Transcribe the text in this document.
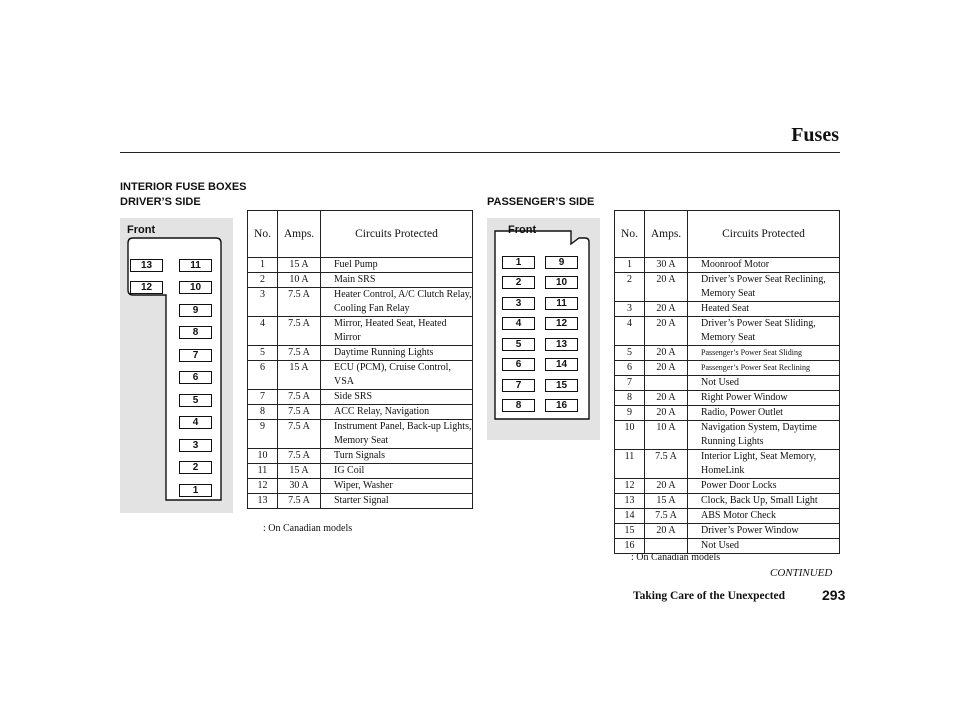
Fuses
INTERIOR FUSE BOXES
DRIVER’S SIDE	PASSENGER’S SIDE
Front
13	11
12	10
9
8
7
6
5
4
3
2
1
No.	Amps.	Circuits Protected
1	15 A	Fuel Pump
2	10 A	Main SRS
3	7.5 A	Heater Control, A/C Clutch Relay, Cooling Fan Relay
4	7.5 A	Mirror, Heated Seat, Heated Mirror
5	7.5 A	Daytime Running Lights
6	15 A	ECU (PCM), Cruise Control, VSA
7	7.5 A	Side SRS
8	7.5 A	ACC Relay, Navigation
9	7.5 A	Instrument Panel, Back-up Lights, Memory Seat
10	7.5 A	Turn Signals
11	15 A	IG Coil
12	30 A	Wiper, Washer
13	7.5 A	Starter Signal
: On Canadian models
Front
1	9
2	10
3	11
4	12
5	13
6	14
7	15
8	16
No.	Amps.	Circuits Protected
1	30 A	Moonroof Motor
2	20 A	Driver’s Power Seat Reclining, Memory Seat
3	20 A	Heated Seat
4	20 A	Driver’s Power Seat Sliding, Memory Seat
5	20 A	Passenger’s Power Seat Sliding
6	20 A	Passenger’s Power Seat Reclining
7		Not Used
8	20 A	Right Power Window
9	20 A	Radio, Power Outlet
10	10 A	Navigation System, Daytime Running Lights
11	7.5 A	Interior Light, Seat Memory, HomeLink
12	20 A	Power Door Locks
13	15 A	Clock, Back Up, Small Light
14	7.5 A	ABS Motor Check
15	20 A	Driver’s Power Window
16		Not Used
: On Canadian models
CONTINUED
Taking Care of the Unexpected	293
